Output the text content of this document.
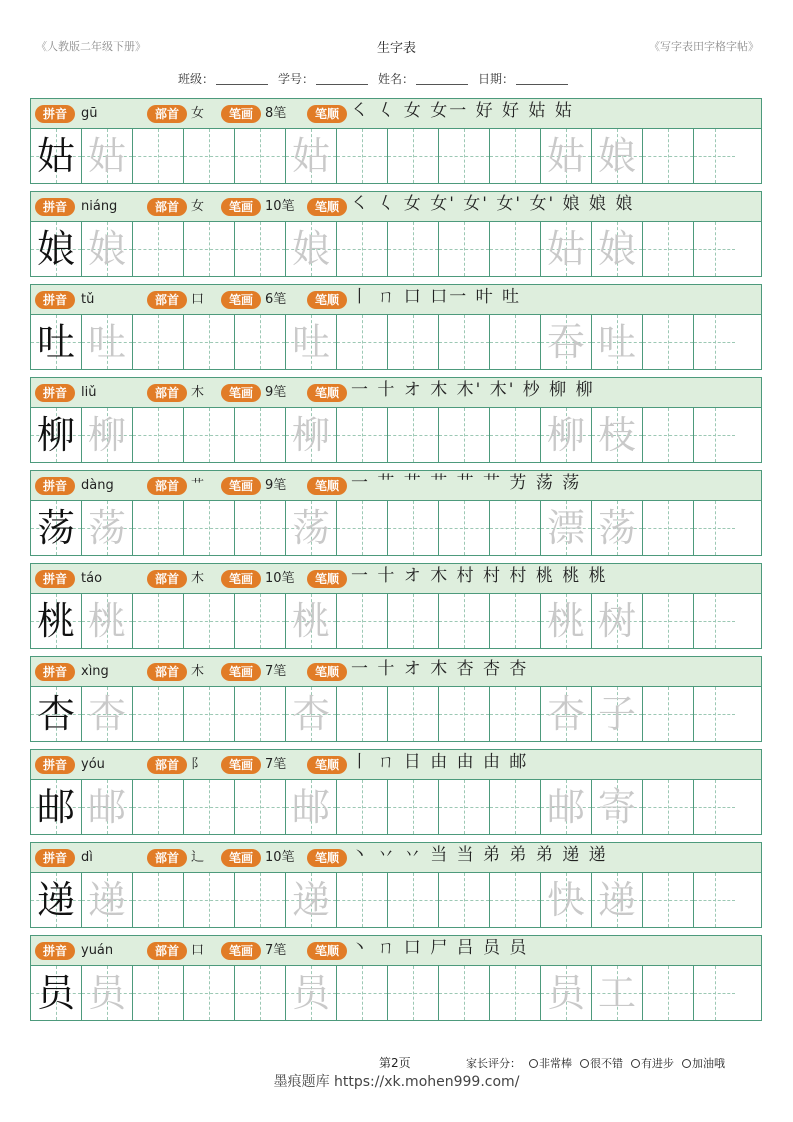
《人教版二年级下册》	生字表	《写字表田字格字帖》
班级：	学号：	姓名：	日期：
拼音	gū	部首 女	笔画 8笔	笔顺 ㇛ 𡿨 女 女一 好 好 姑 姑
姑 姑	姑	姑 娘
拼音	niáng	部首 女	笔画 10笔	笔顺 ㇛ 𡿨 女 女' 女' 女' 女' 娘 娘 娘
娘 娘	娘	姑 娘
拼音	tǔ	部首 口	笔画 6笔	笔顺 丨 ㄇ 口 口一 叶 吐
吐 吐	吐	吞 吐
拼音	liǔ	部首 木	笔画 9笔	笔顺 一 十 オ 木 木' 木' 杪 柳 柳
柳 柳	柳	柳 枝
拼音	dàng	部首 艹	笔画 9笔	笔顺 一 艹 艹 艹 艹 艹 艻 荡 荡
荡 荡	荡	漂 荡
拼音	táo	部首 木	笔画 10笔	笔顺 一 十 オ 木 村 村 村 桃 桃 桃
桃 桃	桃	桃 树
拼音	xìng	部首 木	笔画 7笔	笔顺 一 十 オ 木 杏 杏 杏
杏 杏	杏	杏 子
拼音	yóu	部首 阝	笔画 7笔	笔顺 丨 ㄇ 日 由 由 由 邮
邮 邮	邮	邮 寄
拼音	dì	部首 辶	笔画 10笔	笔顺 丶 丷 丷 当 当 弟 弟 弟 递 递
递 递	递	快 递
拼音	yuán	部首 口	笔画 7笔	笔顺 丶 ㄇ 口 尸 吕 员 员
员 员	员	员 工
第2页	家长评分： 非常棒 很不错 有进步 加油哦
墨痕题库 https://xk.mohen999.com/
